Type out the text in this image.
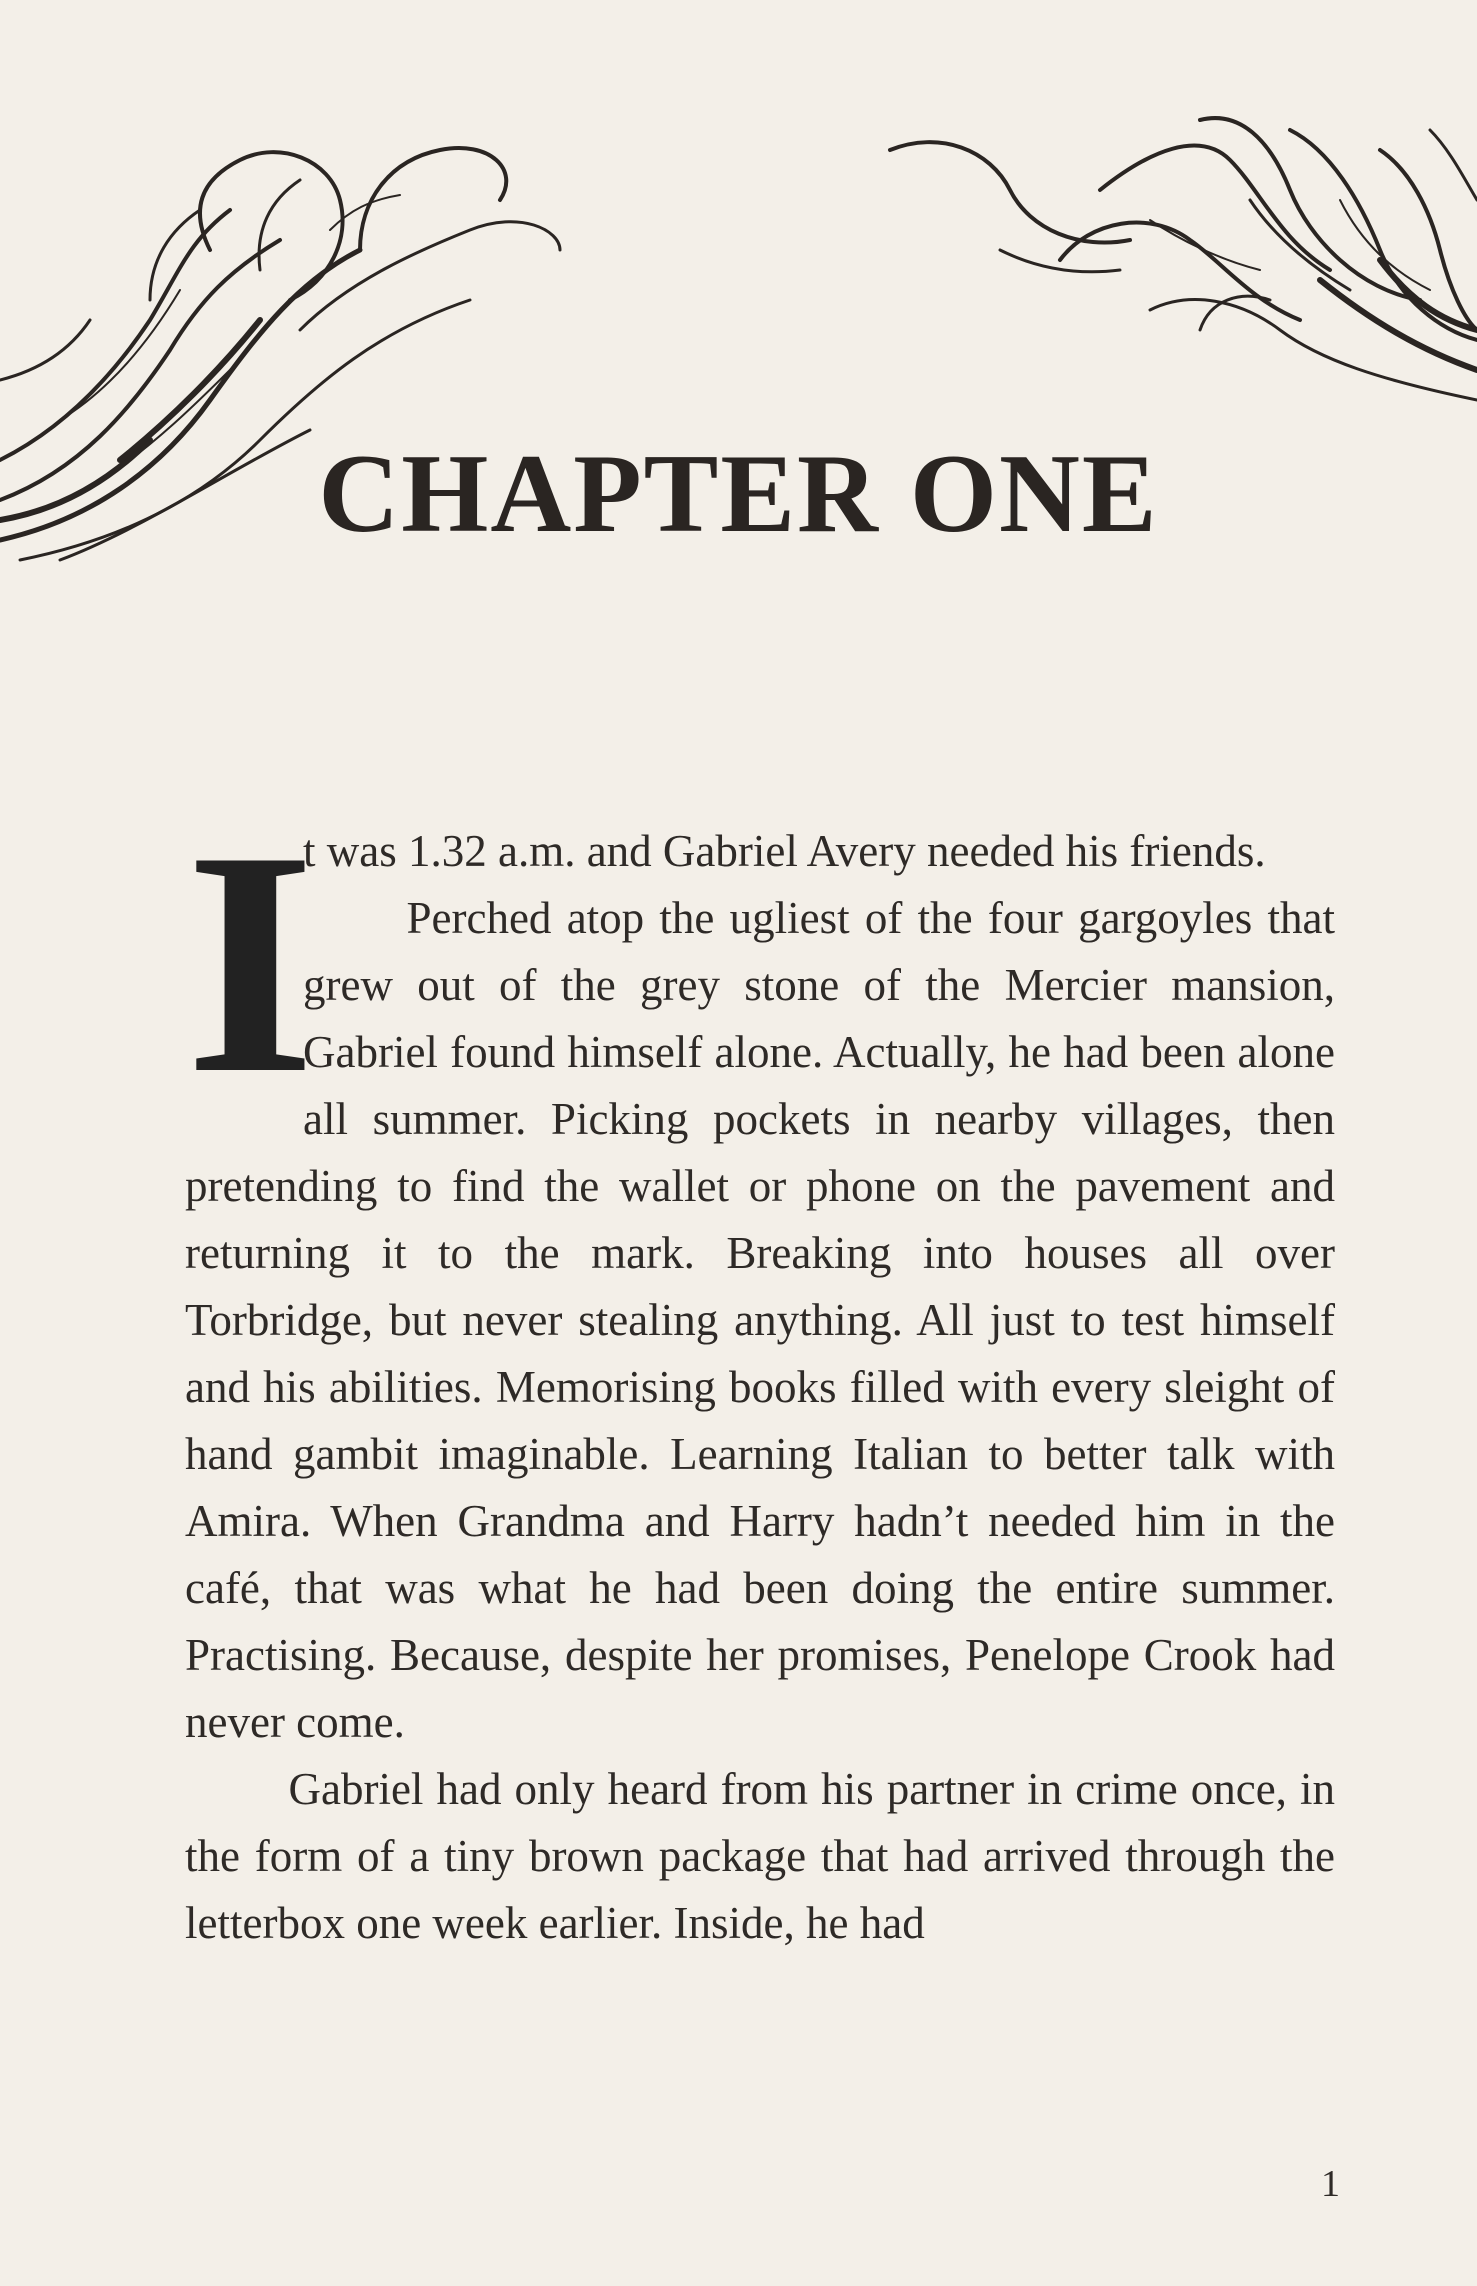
CHAPTER ONE
I

t was 1.32 a.m. and Gabriel Avery needed his friends.

Perched atop the ugliest of the four gargoyles that grew out of the grey stone of the Mercier mansion, Gabriel found himself alone. Actually, he had been alone all summer. Picking pockets in nearby villages, then pretending to find the wallet or phone on the pavement and returning it to the mark. Breaking into houses all over Torbridge, but never stealing anything. All just to test himself and his abilities. Memorising books filled with every sleight of hand gambit imaginable. Learning Italian to better talk with Amira. When Grandma and Harry hadn’t needed him in the café, that was what he had been doing the entire summer. Practising. Because, despite her promises, Penelope Crook had never come.

Gabriel had only heard from his partner in crime once, in the form of a tiny brown package that had arrived through the letterbox one week earlier. Inside, he had

1
